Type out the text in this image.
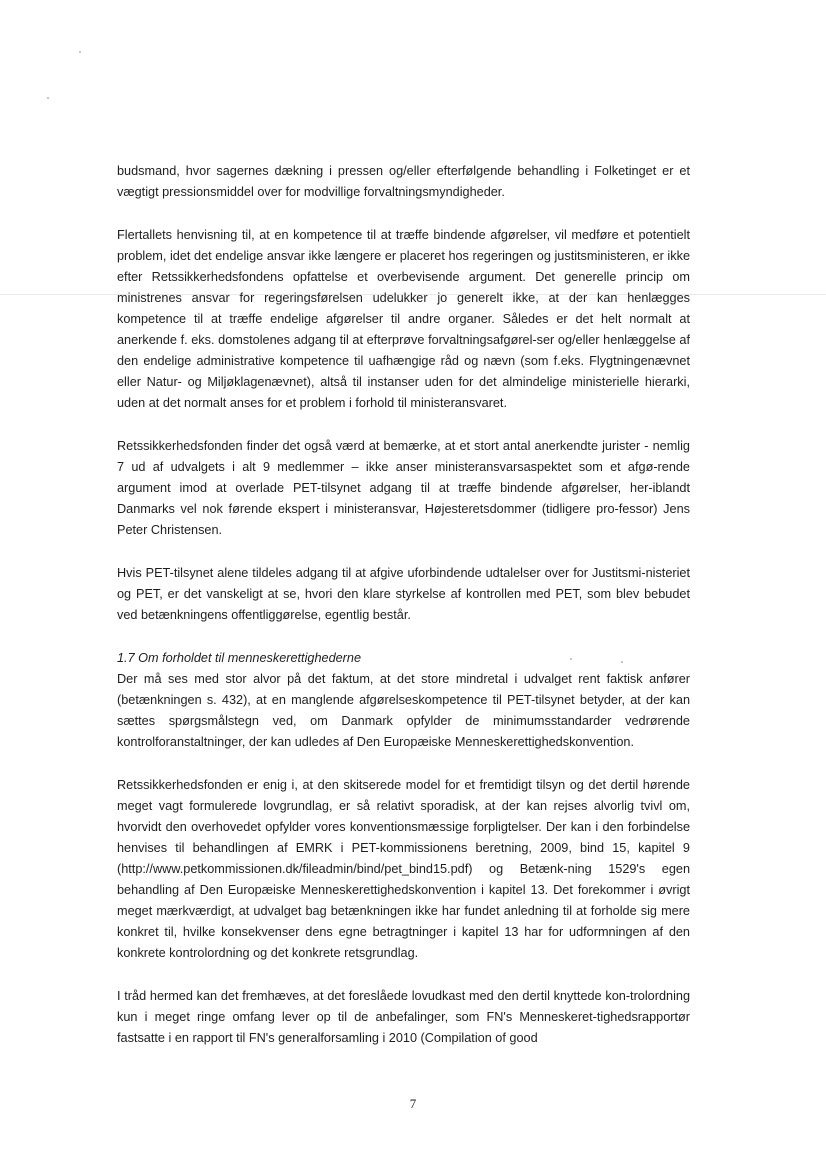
budsmand, hvor sagernes dækning i pressen og/eller efterfølgende behandling i Folketinget er et vægtigt pressionsmiddel over for modvillige forvaltningsmyndigheder.

Flertallets henvisning til, at en kompetence til at træffe bindende afgørelser, vil medføre et potentielt problem, idet det endelige ansvar ikke længere er placeret hos regeringen og justitsministeren, er ikke efter Retssikkerhedsfondens opfattelse et overbevisende argument. Det generelle princip om ministrenes ansvar for regeringsførelsen udelukker jo generelt ikke, at der kan henlægges kompetence til at træffe endelige afgørelser til andre organer. Således er det helt normalt at anerkende f. eks. domstolenes adgang til at efterprøve forvaltningsafgørel-ser og/eller henlæggelse af den endelige administrative kompetence til uafhængige råd og nævn (som f.eks. Flygtningenævnet eller Natur- og Miljøklagenævnet), altså til instanser uden for det almindelige ministerielle hierarki, uden at det normalt anses for et problem i forhold til ministeransvaret.

Retssikkerhedsfonden finder det også værd at bemærke, at et stort antal anerkendte jurister - nemlig 7 ud af udvalgets i alt 9 medlemmer – ikke anser ministeransvarsaspektet som et afgø-rende argument imod at overlade PET-tilsynet adgang til at træffe bindende afgørelser, her-iblandt Danmarks vel nok førende ekspert i ministeransvar, Højesteretsdommer (tidligere pro-fessor) Jens Peter Christensen.

Hvis PET-tilsynet alene tildeles adgang til at afgive uforbindende udtalelser over for Justitsmi-nisteriet og PET, er det vanskeligt at se, hvori den klare styrkelse af kontrollen med PET, som blev bebudet ved betænkningens offentliggørelse, egentlig består.

1.7 Om forholdet til menneskerettighederne

Der må ses med stor alvor på det faktum, at det store mindretal i udvalget rent faktisk anfører (betænkningen s. 432), at en manglende afgørelseskompetence til PET-tilsynet betyder, at der kan sættes spørgsmålstegn ved, om Danmark opfylder de minimumsstandarder vedrørende kontrolforanstaltninger, der kan udledes af Den Europæiske Menneskerettighedskonvention.

Retssikkerhedsfonden er enig i, at den skitserede model for et fremtidigt tilsyn og det dertil hørende meget vagt formulerede lovgrundlag, er så relativt sporadisk, at der kan rejses alvorlig tvivl om, hvorvidt den overhovedet opfylder vores konventionsmæssige forpligtelser. Der kan i den forbindelse henvises til behandlingen af EMRK i PET-kommissionens beretning, 2009, bind 15, kapitel 9 (http://www.petkommissionen.dk/fileadmin/bind/pet_bind15.pdf) og Betænk-ning 1529's egen behandling af Den Europæiske Menneskerettighedskonvention i kapitel 13. Det forekommer i øvrigt meget mærkværdigt, at udvalget bag betænkningen ikke har fundet anledning til at forholde sig mere konkret til, hvilke konsekvenser dens egne betragtninger i kapitel 13 har for udformningen af den konkrete kontrolordning og det konkrete retsgrundlag.

I tråd hermed kan det fremhæves, at det foreslåede lovudkast med den dertil knyttede kon-trolordning kun i meget ringe omfang lever op til de anbefalinger, som FN's Menneskeret-tighedsrapportør fastsatte i en rapport til FN's generalforsamling i 2010 (Compilation of good

7
